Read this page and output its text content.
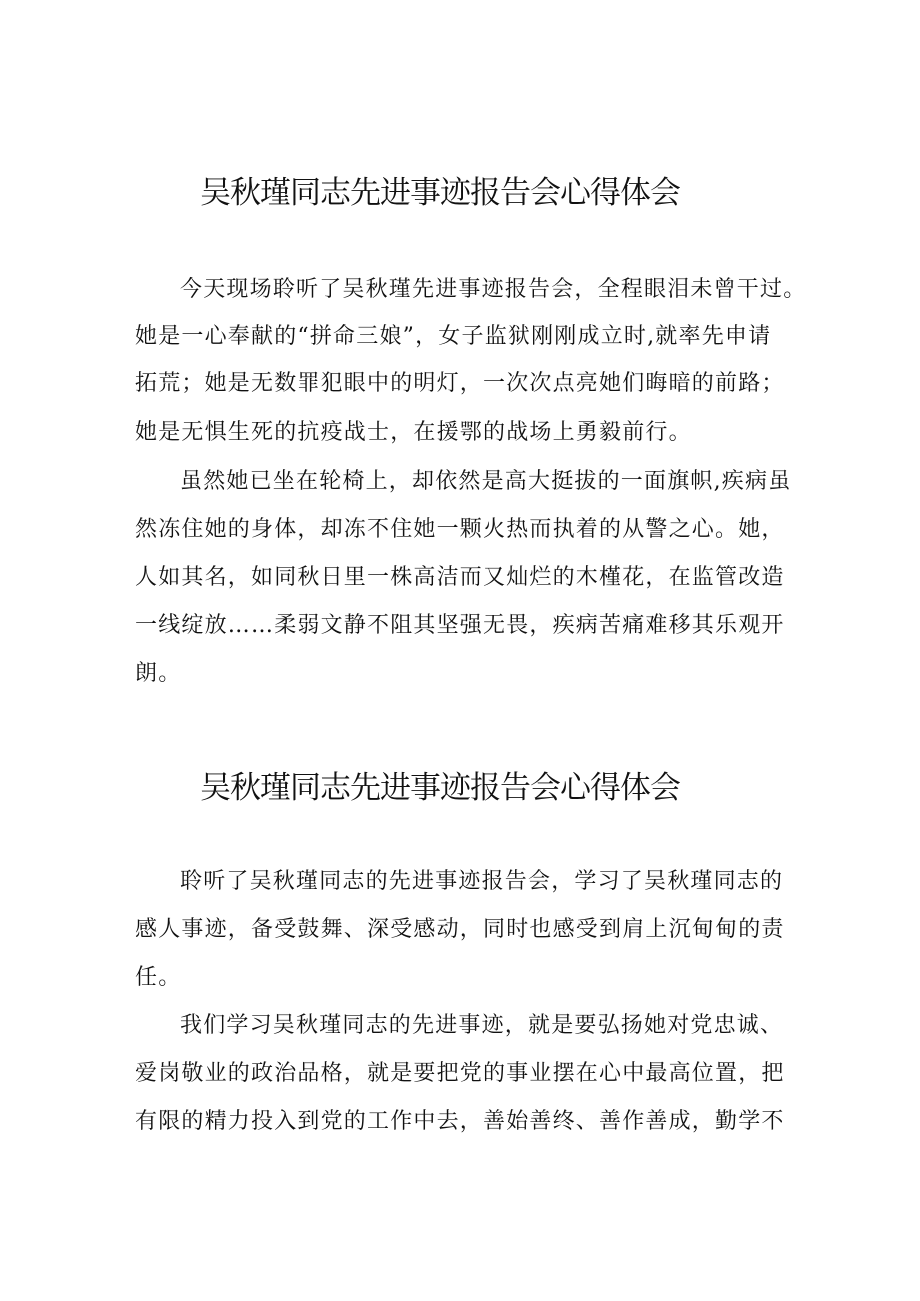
吴秋瑾同志先进事迹报告会心得体会
今天现场聆听了吴秋瑾先进事迹报告会，全程眼泪未曾干过。
她是一心奉献的“拼命三娘”，女子监狱刚刚成立时,就率先申请
拓荒；她是无数罪犯眼中的明灯，一次次点亮她们晦暗的前路；
她是无惧生死的抗疫战士，在援鄂的战场上勇毅前行。
虽然她已坐在轮椅上，却依然是高大挺拔的一面旗帜,疾病虽
然冻住她的身体，却冻不住她一颗火热而执着的从警之心。她，
人如其名，如同秋日里一株高洁而又灿烂的木槿花，在监管改造
一线绽放……柔弱文静不阻其坚强无畏，疾病苦痛难移其乐观开
朗。
吴秋瑾同志先进事迹报告会心得体会
聆听了吴秋瑾同志的先进事迹报告会，学习了吴秋瑾同志的
感人事迹，备受鼓舞、深受感动，同时也感受到肩上沉甸甸的责
任。
我们学习吴秋瑾同志的先进事迹，就是要弘扬她对党忠诚、
爱岗敬业的政治品格，就是要把党的事业摆在心中最高位置，把
有限的精力投入到党的工作中去，善始善终、善作善成，勤学不
